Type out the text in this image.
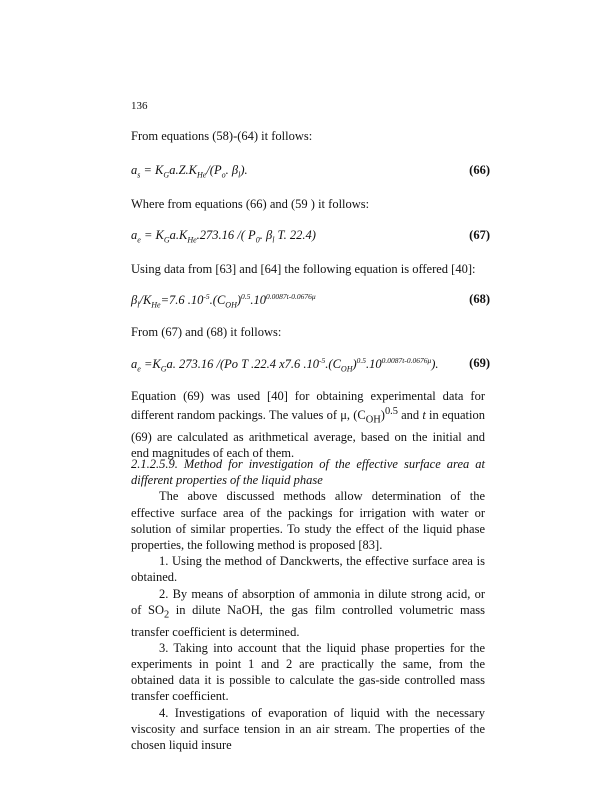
136
From equations (58)-(64) it follows:
$a_s = K_Ga.Z.K_{He}/(P_o$. $\beta_l$).	(66)
Where from equations (66) and (59 ) it follows:
$a_e = K_Ga.K_{He}.273.16$ /( $P_0$. $\beta_l$ T. 22.4)	(67)
Using data from [63] and [64] the following equation is offered [40]:
$\beta_l/K_{He}=7.6$ $.10^{-5}.(C_{OH})^{0.5}.10^{0.0087t-0.0676\mu}$	(68)
From (67) and (68) it follows:
$a_e =K_Ga$. 273.16 /(Po T .22.4 x7.6 $.10^{-5}.(C_{OH})^{0.5}.10^{0.0087t-0.0676\mu}$). (69)
Equation (69) was used [40] for obtaining experimental data for different random packings. The values of μ, $(C_{OH})^{0.5}$ and t in equation (69) are calculated as arithmetical average, based on the initial and end magnitudes of each of them.

2.1.2.5.9. Method for investigation of the effective surface area at different properties of the liquid phase

The above discussed methods allow determination of the effective surface area of the packings for irrigation with water or solution of similar properties. To study the effect of the liquid phase properties, the following method is proposed [83].

1. Using the method of Danckwerts, the effective surface area is obtained.

2. By means of absorption of ammonia in dilute strong acid, or of $SO_2$ in dilute NaOH, the gas film controlled volumetric mass transfer coefficient is determined.

3. Taking into account that the liquid phase properties for the experiments in point 1 and 2 are practically the same, from the obtained data it is possible to calculate the gas-side controlled mass transfer coefficient.

4. Investigations of evaporation of liquid with the necessary viscosity and surface tension in an air stream. The properties of the chosen liquid insure
